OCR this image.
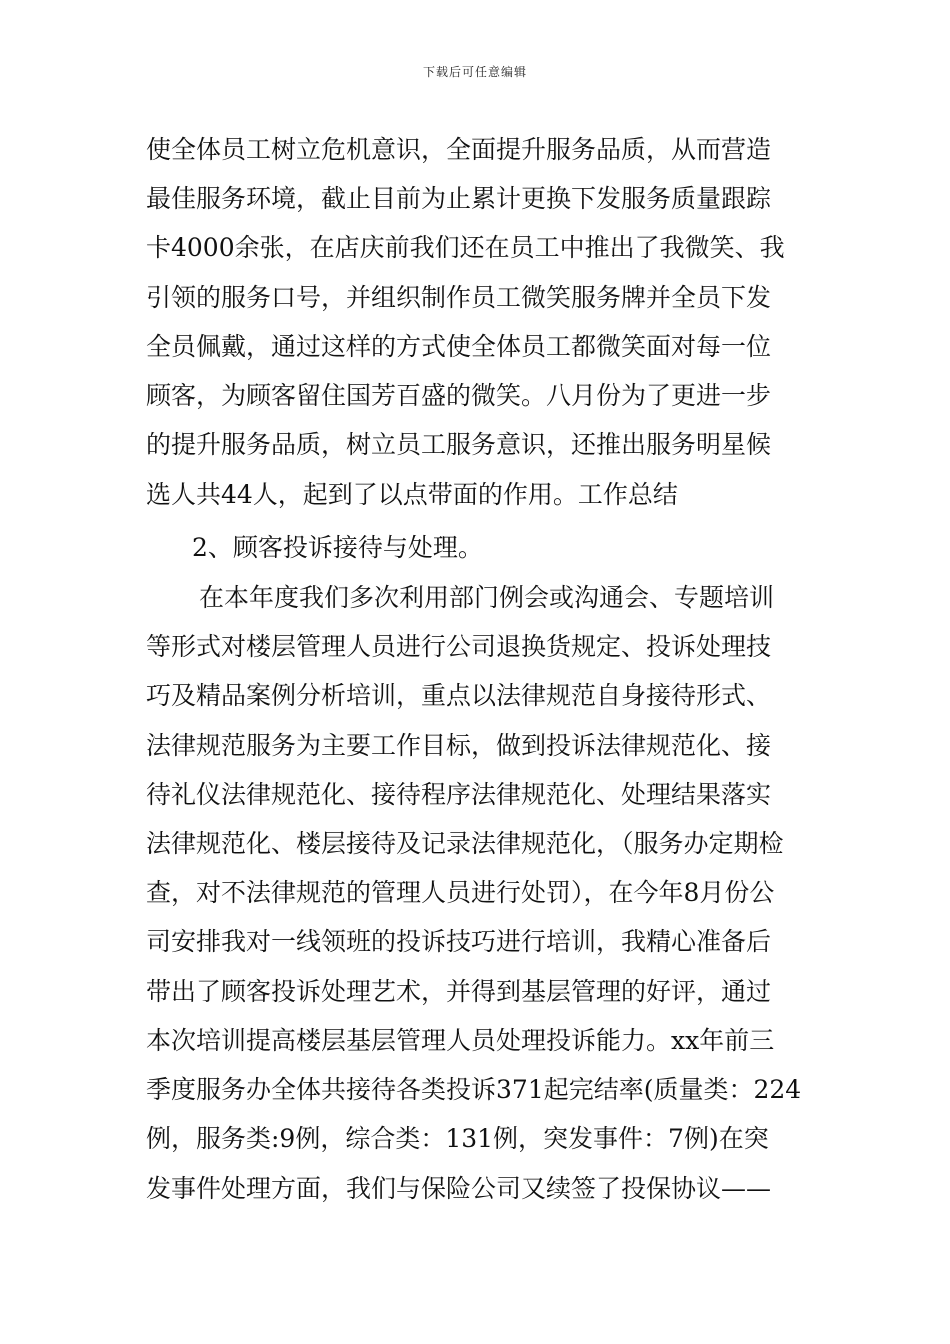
下载后可任意编辑
使全体员工树立危机意识，全面提升服务品质，从而营造
最佳服务环境，截止目前为止累计更换下发服务质量跟踪
卡4000余张，在店庆前我们还在员工中推出了我微笑、我
引领的服务口号，并组织制作员工微笑服务牌并全员下发
全员佩戴，通过这样的方式使全体员工都微笑面对每一位
顾客，为顾客留住国芳百盛的微笑。八月份为了更进一步
的提升服务品质，树立员工服务意识，还推出服务明星候
选人共44人，起到了以点带面的作用。工作总结
2、顾客投诉接待与处理。
在本年度我们多次利用部门例会或沟通会、专题培训
等形式对楼层管理人员进行公司退换货规定、投诉处理技
巧及精品案例分析培训，重点以法律规范自身接待形式、
法律规范服务为主要工作目标，做到投诉法律规范化、接
待礼仪法律规范化、接待程序法律规范化、处理结果落实
法律规范化、楼层接待及记录法律规范化，（服务办定期检
查，对不法律规范的管理人员进行处罚），在今年8月份公
司安排我对一线领班的投诉技巧进行培训，我精心准备后
带出了顾客投诉处理艺术，并得到基层管理的好评，通过
本次培训提高楼层基层管理人员处理投诉能力。xx年前三
季度服务办全体共接待各类投诉371起完结率(质量类：224
例，服务类:9例，综合类：131例，突发事件：7例)在突
发事件处理方面，我们与保险公司又续签了投保协议——
